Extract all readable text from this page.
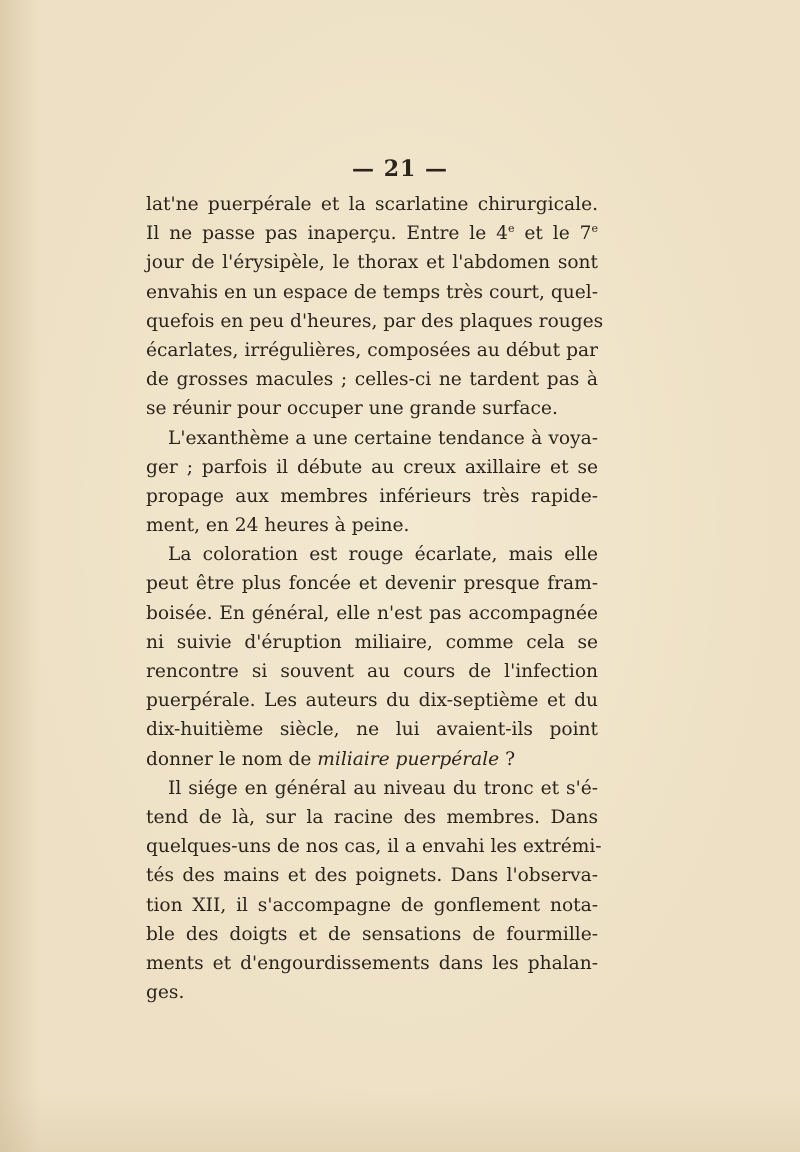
— 21 —
lat'ne puerpérale et la scarlatine chirurgicale.
Il ne passe pas inaperçu. Entre le 4e et le 7e
jour de l'érysipèle, le thorax et l'abdomen sont
envahis en un espace de temps très court, quel-
quefois en peu d'heures, par des plaques rouges
écarlates, irrégulières, composées au début par
de grosses macules ; celles-ci ne tardent pas à
se réunir pour occuper une grande surface.
L'exanthème a une certaine tendance à voya-
ger ; parfois il débute au creux axillaire et se
propage aux membres inférieurs très rapide-
ment, en 24 heures à peine.
La coloration est rouge écarlate, mais elle
peut être plus foncée et devenir presque fram-
boisée. En général, elle n'est pas accompagnée
ni suivie d'éruption miliaire, comme cela se
rencontre si souvent au cours de l'infection
puerpérale. Les auteurs du dix-septième et du
dix-huitième siècle, ne lui avaient-ils point
donner le nom de miliaire puerpérale ?
Il siége en général au niveau du tronc et s'é-
tend de là, sur la racine des membres. Dans
quelques-uns de nos cas, il a envahi les extrémi-
tés des mains et des poignets. Dans l'observa-
tion XII, il s'accompagne de gonflement nota-
ble des doigts et de sensations de fourmille-
ments et d'engourdissements dans les phalan-
ges.
